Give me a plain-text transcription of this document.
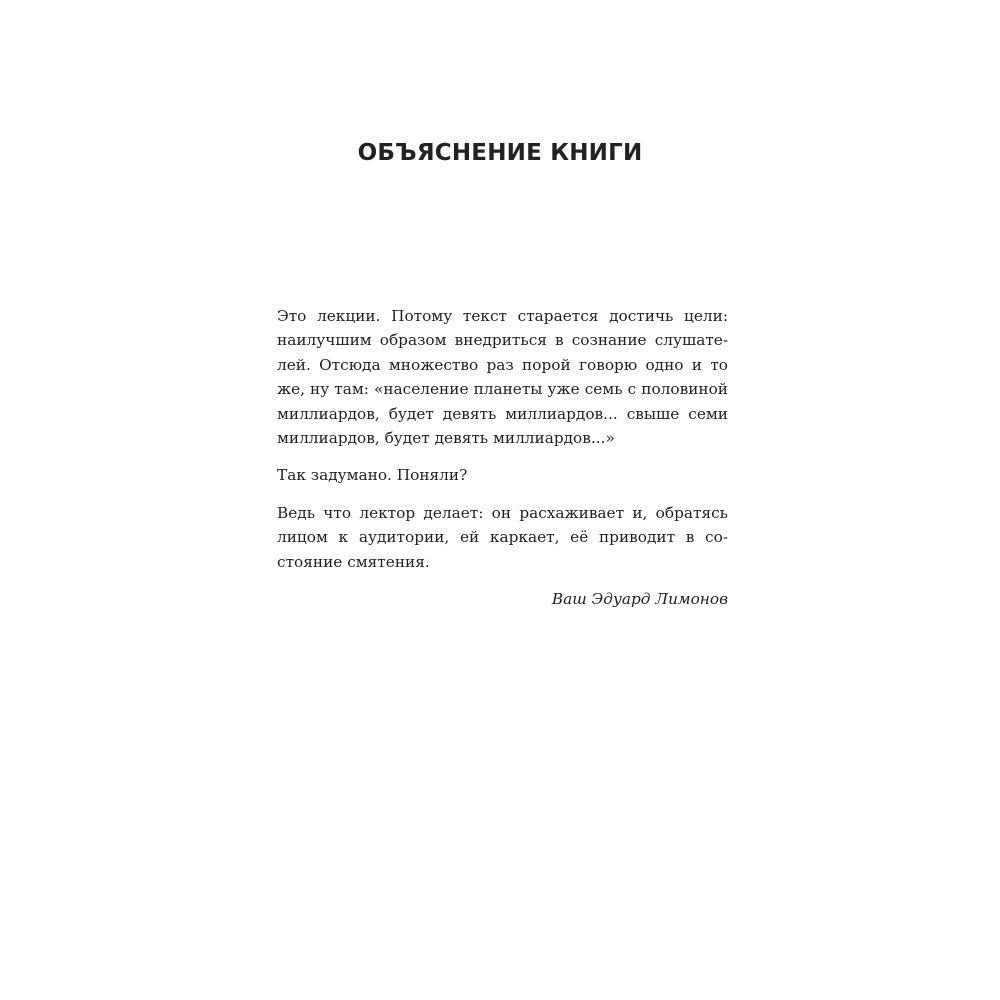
ОБЪЯСНЕНИЕ КНИГИ

Это лекции. Потому текст старается достичь цели:
наилучшим образом внедриться в сознание слушате-
лей. Отсюда множество раз порой говорю одно и то
же, ну там: «население планеты уже семь с половиной
миллиардов, будет девять миллиардов... свыше семи
миллиардов, будет девять миллиардов...»

Так задумано. Поняли?

Ведь что лектор делает: он расхаживает и, обратясь
лицом к аудитории, ей каркает, её приводит в со-
стояние смятения.

Ваш Эдуард Лимонов
